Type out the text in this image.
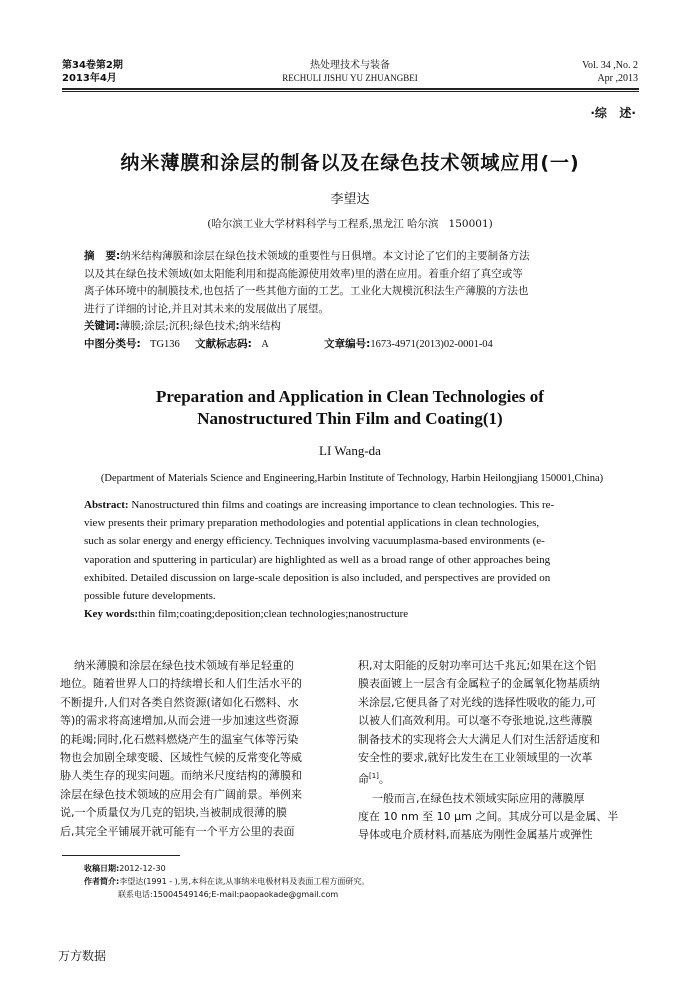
第34卷第2期
2013年4月
热处理技术与装备
RECHULI JISHU YU ZHUANGBEI
Vol. 34 ,No. 2
Apr ,2013
·综   述·
纳米薄膜和涂层的制备以及在绿色技术领域应用(一)
李望达
(哈尔滨工业大学材料科学与工程系,黑龙江 哈尔滨   150001)
摘   要:纳米结构薄膜和涂层在绿色技术领域的重要性与日俱增。本文讨论了它们的主要制备方法
以及其在绿色技术领域(如太阳能利用和提高能源使用效率)里的潜在应用。着重介绍了真空或等
离子体环境中的制膜技术,也包括了一些其他方面的工艺。工业化大规模沉积法生产薄膜的方法也
进行了详细的讨论,并且对其未来的发展做出了展望。
关键词:薄膜;涂层;沉积;绿色技术;纳米结构
中图分类号: TG136 文献标志码: A	文章编号:1673-4971(2013)02-0001-04
Preparation and Application in Clean Technologies of
Nanostructured Thin Film and Coating(1)
LI Wang-da
(Department of Materials Science and Engineering,Harbin Institute of Technology, Harbin Heilongjiang 150001,China)
Abstract: Nanostructured thin films and coatings are increasing importance to clean technologies. This re-
view presents their primary preparation methodologies and potential applications in clean technologies,
such as solar energy and energy efficiency. Techniques involving vacuumplasma-based environments (e-
vaporation and sputtering in particular) are highlighted as well as a broad range of other approaches being
exhibited. Detailed discussion on large-scale deposition is also included, and perspectives are provided on
possible future developments.
Key words:thin film;coating;deposition;clean technologies;nanostructure
纳米薄膜和涂层在绿色技术领域有举足轻重的
地位。随着世界人口的持续增长和人们生活水平的
不断提升,人们对各类自然资源(诸如化石燃料、水
等)的需求将高速增加,从而会进一步加速这些资源
的耗竭;同时,化石燃料燃烧产生的温室气体等污染
物也会加剧全球变暖、区域性气候的反常变化等威
胁人类生存的现实问题。而纳米尺度结构的薄膜和
涂层在绿色技术领域的应用会有广阔前景。举例来
说,一个质量仅为几克的铝块,当被制成很薄的膜
后,其完全平铺展开就可能有一个平方公里的表面
积,对太阳能的反射功率可达千兆瓦;如果在这个铝
膜表面镀上一层含有金属粒子的金属氧化物基质纳
米涂层,它便具备了对光线的选择性吸收的能力,可
以被人们高效利用。可以毫不夸张地说,这些薄膜
制备技术的实现将会大大满足人们对生活舒适度和
安全性的要求,就好比发生在工业领域里的一次革
命[1]。
一般而言,在绿色技术领域实际应用的薄膜厚
度在 10 nm 至 10 μm 之间。其成分可以是金属、半
导体或电介质材料,而基底为刚性金属基片或弹性
收稿日期:2012-12-30
作者简介:李望达(1991 - ),男,本科在读,从事纳米电极材料及表面工程方面研究。
联系电话:15004549146;E-mail:paopaokade@gmail.com
万方数据
